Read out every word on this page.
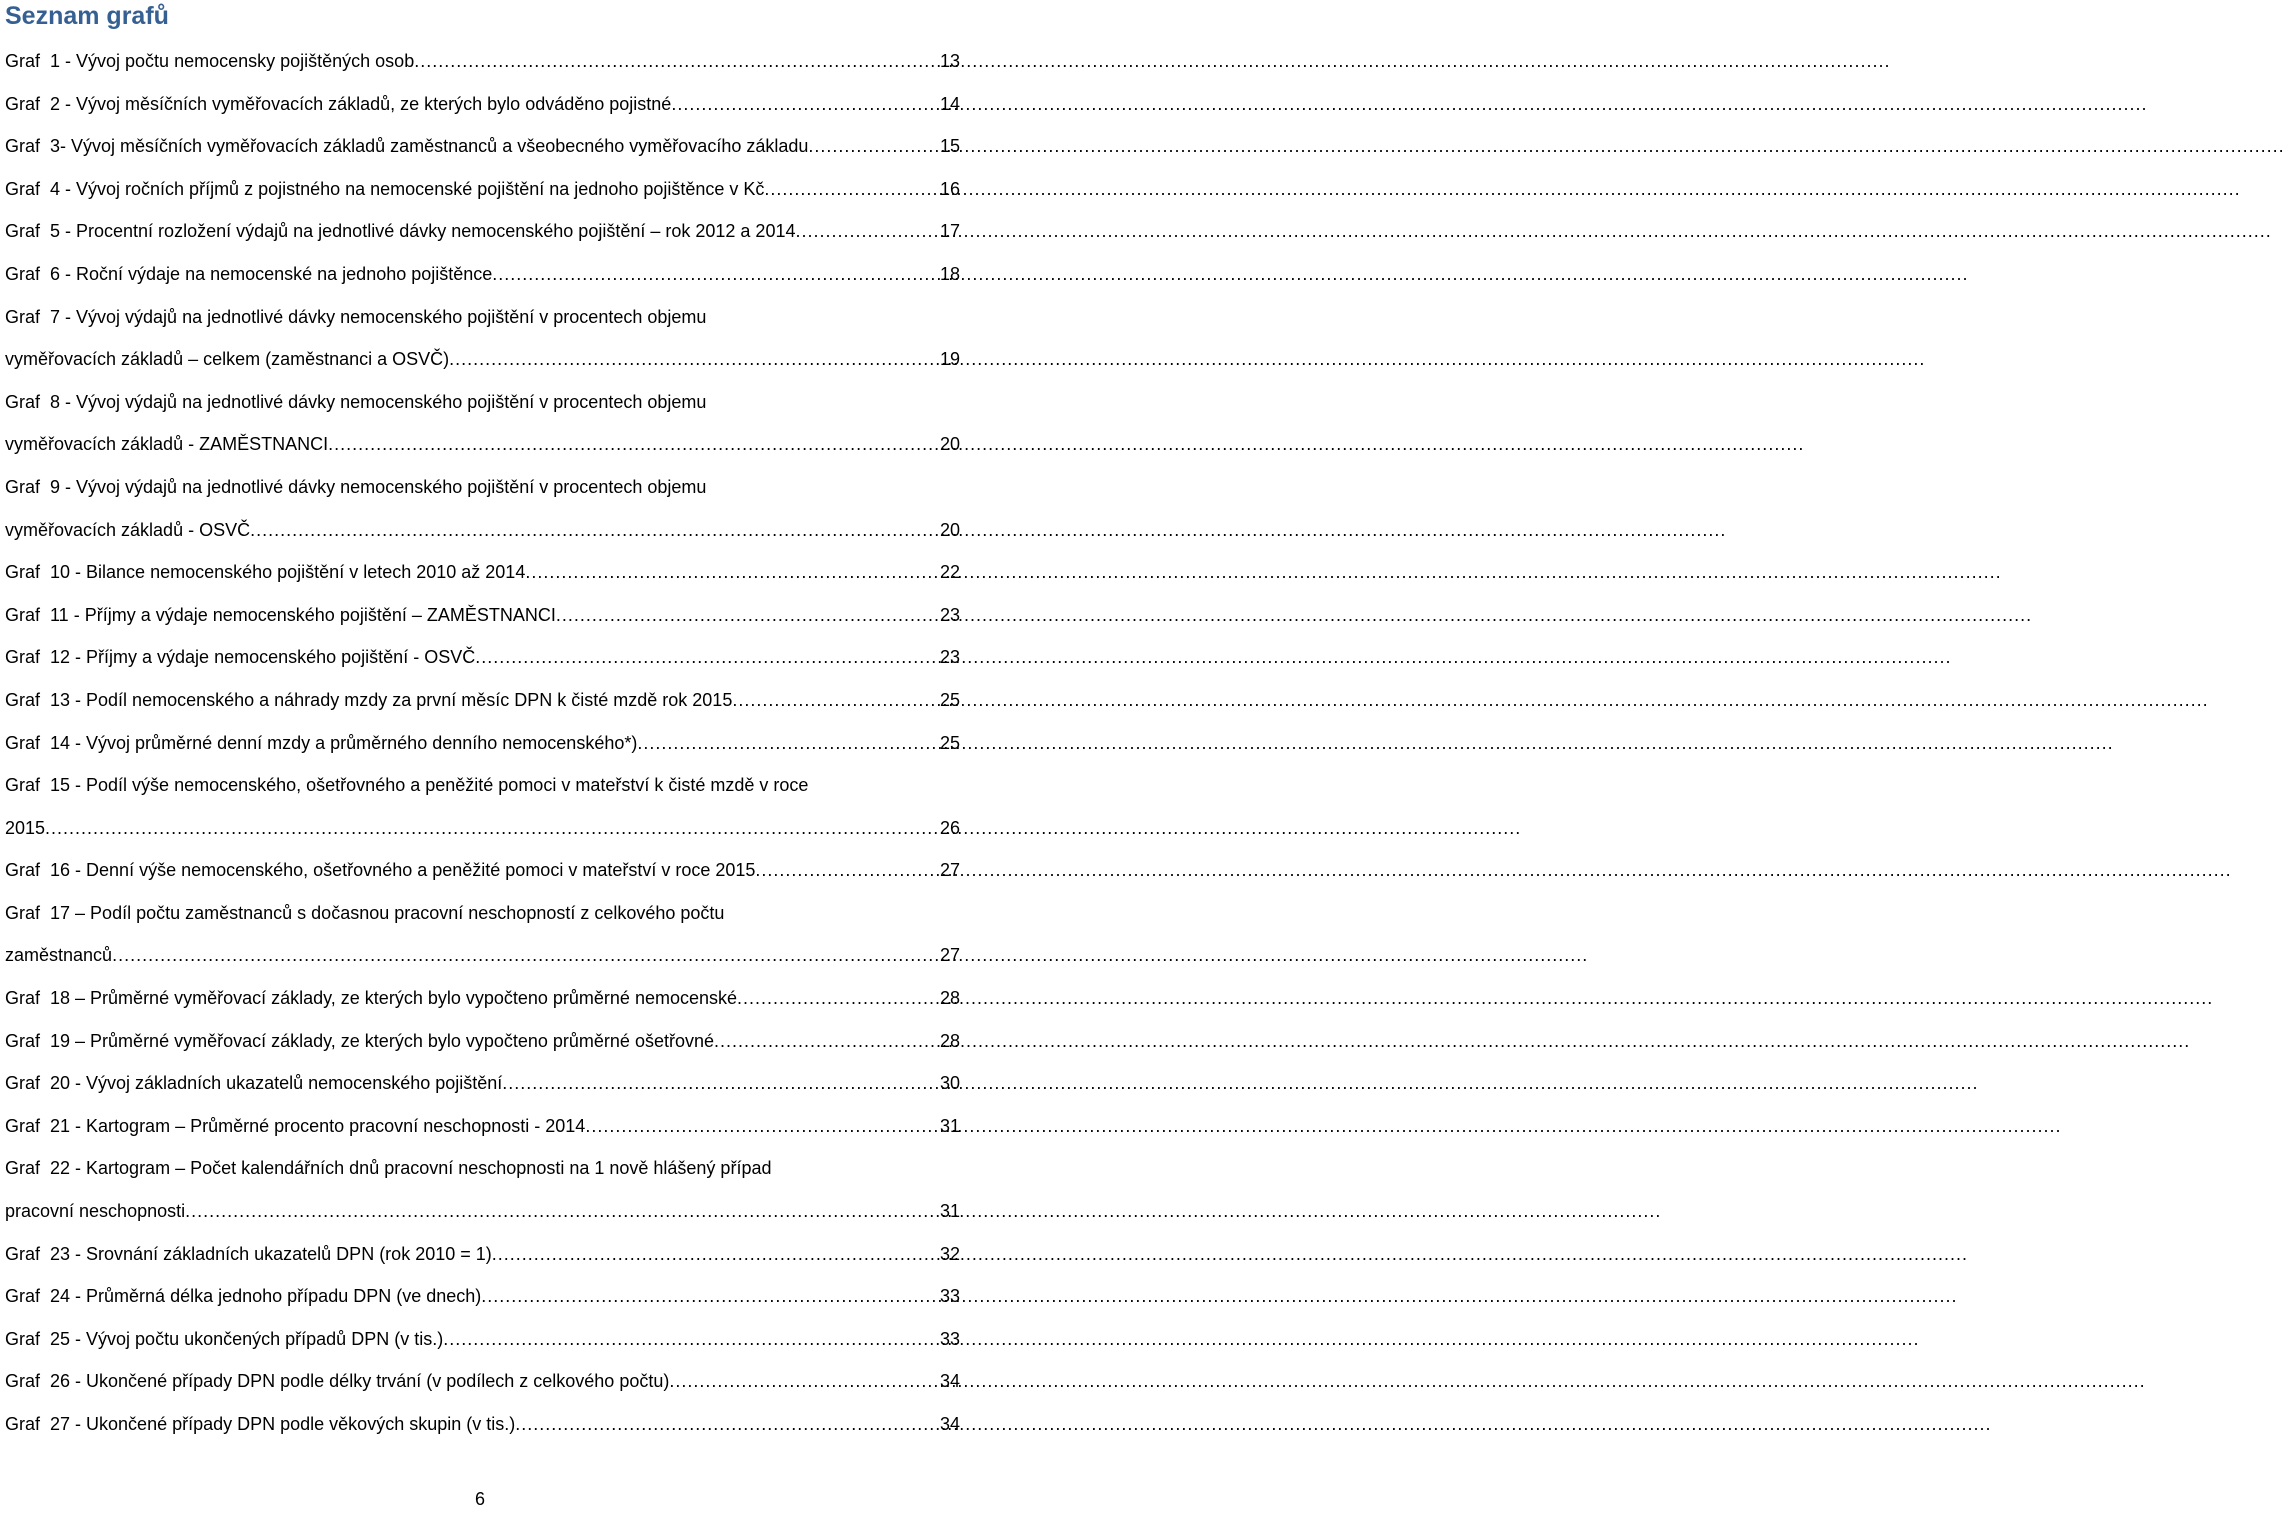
Seznam grafů
Graf  1 - Vývoj počtu nemocensky pojištěných osob .....	13
Graf  2 - Vývoj měsíčních vyměřovacích základů, ze kterých bylo odváděno pojistné .....	14
Graf  3- Vývoj měsíčních vyměřovacích základů zaměstnanců a všeobecného vyměřovacího základu .....	15
Graf  4 - Vývoj ročních příjmů z pojistného na nemocenské pojištění na jednoho pojištěnce v Kč .....	16
Graf  5 - Procentní rozložení výdajů na jednotlivé dávky nemocenského pojištění – rok 2012 a 2014 .....	17
Graf  6 - Roční výdaje na nemocenské na jednoho pojištěnce .....	18
Graf  7 - Vývoj výdajů na jednotlivé dávky nemocenského pojištění v procentech objemu
vyměřovacích základů – celkem (zaměstnanci a OSVČ) .....	19
Graf  8 - Vývoj výdajů na jednotlivé dávky nemocenského pojištění v procentech objemu
vyměřovacích základů - ZAMĚSTNANCI .....	20
Graf  9 - Vývoj výdajů na jednotlivé dávky nemocenského pojištění v procentech objemu
vyměřovacích základů - OSVČ .....	20
Graf  10 - Bilance nemocenského pojištění v letech 2010 až 2014 .....	22
Graf  11 - Příjmy a výdaje nemocenského pojištění – ZAMĚSTNANCI .....	23
Graf  12 - Příjmy a výdaje nemocenského pojištění - OSVČ .....	23
Graf  13 - Podíl nemocenského a náhrady mzdy za první měsíc DPN k čisté mzdě rok 2015 .....	25
Graf  14 - Vývoj průměrné denní mzdy a průměrného denního nemocenského*) .....	25
Graf  15 - Podíl výše nemocenského, ošetřovného a peněžité pomoci v mateřství k čisté mzdě v roce
2015 .....	26
Graf  16 - Denní výše nemocenského, ošetřovného a peněžité pomoci v mateřství v roce 2015 .....	27
Graf  17 – Podíl počtu zaměstnanců s dočasnou pracovní neschopností z celkového počtu
zaměstnanců .....	27
Graf  18 – Průměrné vyměřovací základy, ze kterých bylo vypočteno průměrné nemocenské .....	28
Graf  19 – Průměrné vyměřovací základy, ze kterých bylo vypočteno průměrné ošetřovné .....	28
Graf  20 - Vývoj základních ukazatelů nemocenského pojištění .....	30
Graf  21 - Kartogram – Průměrné procento pracovní neschopnosti - 2014 .....	31
Graf  22 - Kartogram – Počet kalendářních dnů pracovní neschopnosti na 1 nově hlášený případ
pracovní neschopnosti .....	31
Graf  23 - Srovnání základních ukazatelů DPN (rok 2010 = 1) .....	32
Graf  24 - Průměrná délka jednoho případu DPN (ve dnech) .....	33
Graf  25 - Vývoj počtu ukončených případů DPN (v tis.) .....	33
Graf  26 - Ukončené případy DPN podle délky trvání (v podílech z celkového počtu) .....	34
Graf  27 - Ukončené případy DPN podle věkových skupin (v tis.) .....	34
6
